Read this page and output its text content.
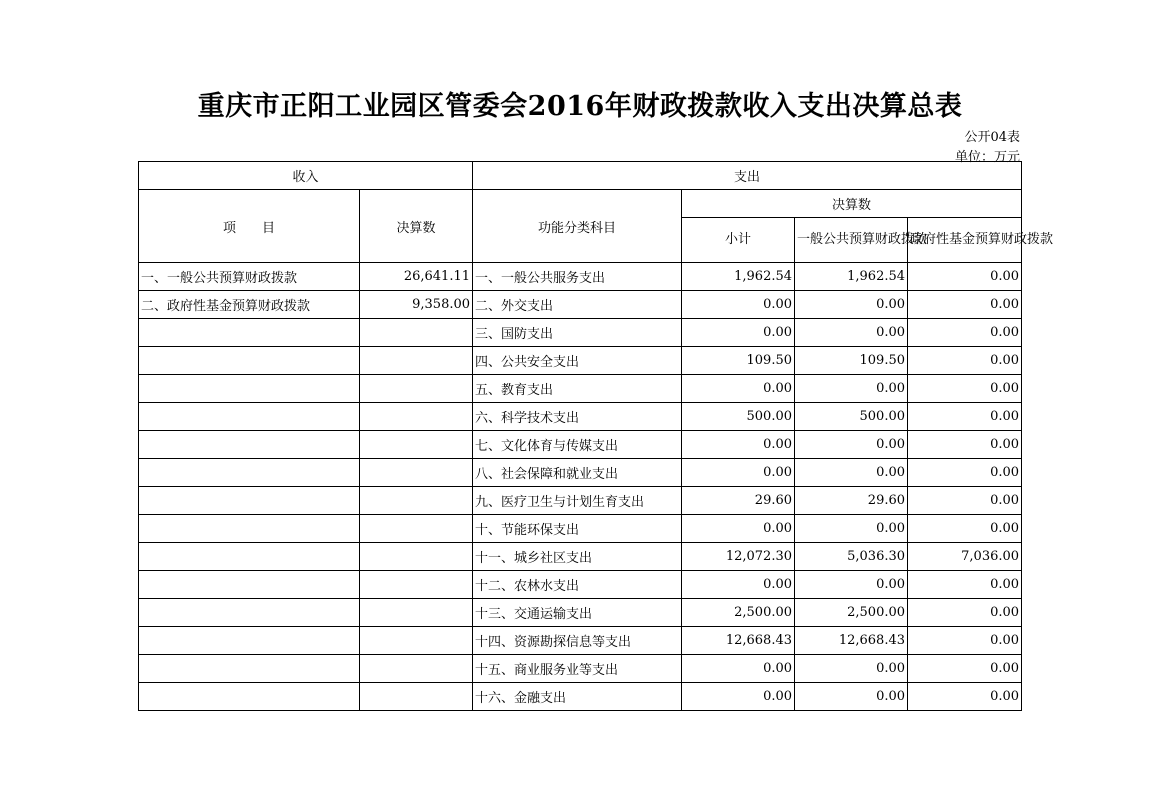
重庆市正阳工业园区管委会2016年财政拨款收入支出决算总表
公开04表
单位：万元
收入		支出			
项　　目	决算数	功能分类科目	决算数		
			小计	一般公共预算财政拨款	政府性基金预算财政拨款
一、一般公共预算财政拨款	26,641.11	一、一般公共服务支出	1,962.54	1,962.54	0.00
二、政府性基金预算财政拨款	9,358.00	二、外交支出	0.00	0.00	0.00
		三、国防支出	0.00	0.00	0.00
		四、公共安全支出	109.50	109.50	0.00
		五、教育支出	0.00	0.00	0.00
		六、科学技术支出	500.00	500.00	0.00
		七、文化体育与传媒支出	0.00	0.00	0.00
		八、社会保障和就业支出	0.00	0.00	0.00
		九、医疗卫生与计划生育支出	29.60	29.60	0.00
		十、节能环保支出	0.00	0.00	0.00
		十一、城乡社区支出	12,072.30	5,036.30	7,036.00
		十二、农林水支出	0.00	0.00	0.00
		十三、交通运输支出	2,500.00	2,500.00	0.00
		十四、资源勘探信息等支出	12,668.43	12,668.43	0.00
		十五、商业服务业等支出	0.00	0.00	0.00
		十六、金融支出	0.00	0.00	0.00
